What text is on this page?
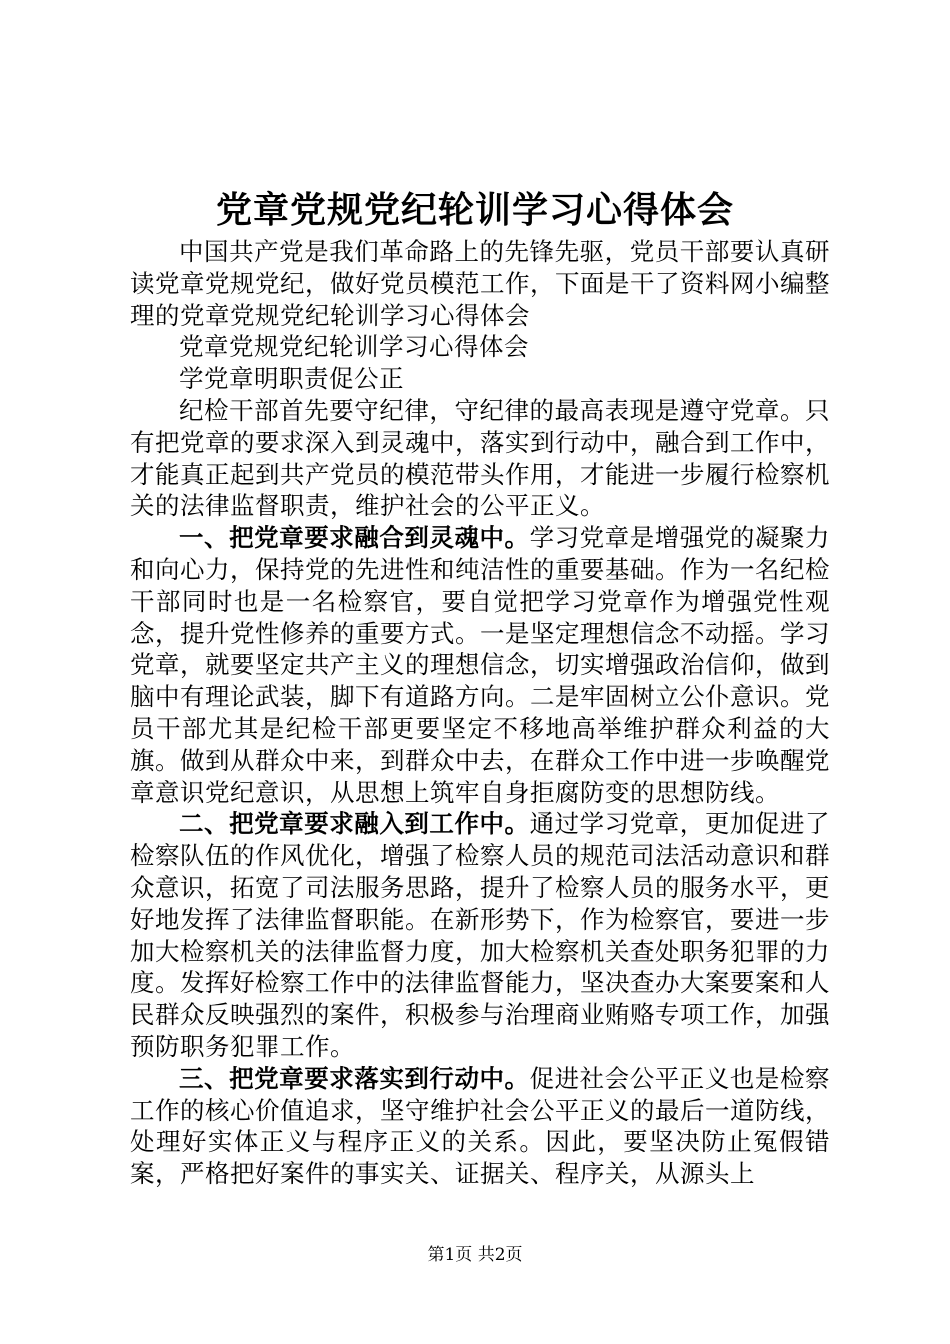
党章党规党纪轮训学习心得体会

中国共产党是我们革命路上的先锋先驱，党员干部要认真研读党章党规党纪，做好党员模范工作，下面是干了资料网小编整理的党章党规党纪轮训学习心得体会

党章党规党纪轮训学习心得体会

学党章明职责促公正

纪检干部首先要守纪律，守纪律的最高表现是遵守党章。只有把党章的要求深入到灵魂中，落实到行动中，融合到工作中，才能真正起到共产党员的模范带头作用，才能进一步履行检察机关的法律监督职责，维护社会的公平正义。

一、把党章要求融合到灵魂中。学习党章是增强党的凝聚力和向心力，保持党的先进性和纯洁性的重要基础。作为一名纪检干部同时也是一名检察官，要自觉把学习党章作为增强党性观念，提升党性修养的重要方式。一是坚定理想信念不动摇。学习党章，就要坚定共产主义的理想信念，切实增强政治信仰，做到脑中有理论武装，脚下有道路方向。二是牢固树立公仆意识。党员干部尤其是纪检干部更要坚定不移地高举维护群众利益的大旗。做到从群众中来，到群众中去，在群众工作中进一步唤醒党章意识党纪意识，从思想上筑牢自身拒腐防变的思想防线。

二、把党章要求融入到工作中。通过学习党章，更加促进了检察队伍的作风优化，增强了检察人员的规范司法活动意识和群众意识，拓宽了司法服务思路，提升了检察人员的服务水平，更好地发挥了法律监督职能。在新形势下，作为检察官，要进一步加大检察机关的法律监督力度，加大检察机关查处职务犯罪的力度。发挥好检察工作中的法律监督能力，坚决查办大案要案和人民群众反映强烈的案件，积极参与治理商业贿赂专项工作，加强预防职务犯罪工作。

三、把党章要求落实到行动中。促进社会公平正义也是检察工作的核心价值追求，坚守维护社会公平正义的最后一道防线，处理好实体正义与程序正义的关系。因此，要坚决防止冤假错案，严格把好案件的事实关、证据关、程序关，从源头上

第1页 共2页
